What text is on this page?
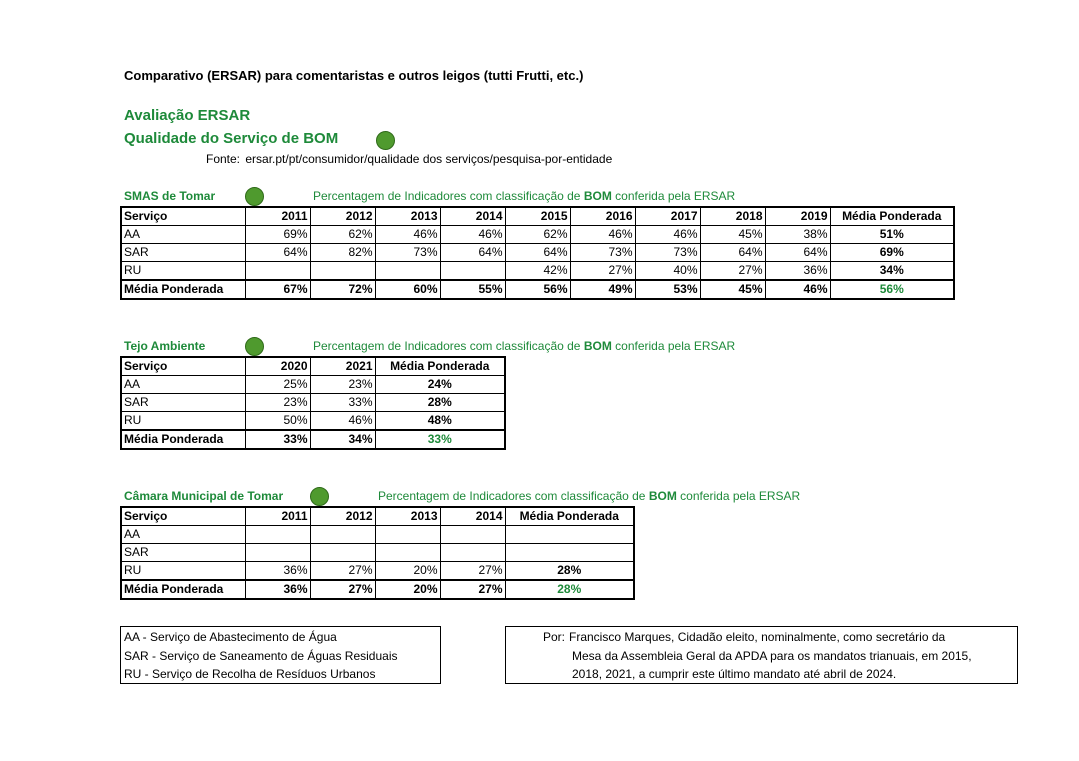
Comparativo (ERSAR) para comentaristas e outros leigos (tutti Frutti, etc.)
Avaliação ERSAR
Qualidade do Serviço de BOM
Fonte: ersar.pt/pt/consumidor/qualidade dos serviços/pesquisa-por-entidade
SMAS de Tomar	Percentagem de Indicadores com classificação de BOM conferida pela ERSAR
Serviço	2011	2012	2013	2014	2015	2016	2017	2018	2019	Média Ponderada
AA	69%	62%	46%	46%	62%	46%	46%	45%	38%	51%
SAR	64%	82%	73%	64%	64%	73%	73%	64%	64%	69%
RU					42%	27%	40%	27%	36%	34%
Média Ponderada	67%	72%	60%	55%	56%	49%	53%	45%	46%	56%
Tejo Ambiente	Percentagem de Indicadores com classificação de BOM conferida pela ERSAR
Serviço	2020	2021	Média Ponderada
AA	25%	23%	24%
SAR	23%	33%	28%
RU	50%	46%	48%
Média Ponderada	33%	34%	33%
Câmara Municipal de Tomar	Percentagem de Indicadores com classificação de BOM conferida pela ERSAR
Serviço	2011	2012	2013	2014	Média Ponderada
AA					
SAR					
RU	36%	27%	20%	27%	28%
Média Ponderada	36%	27%	20%	27%	28%
AA - Serviço de Abastecimento de Água
SAR - Serviço de Saneamento de Águas Residuais
RU - Serviço de Recolha de Resíduos Urbanos
Por: Francisco Marques, Cidadão eleito, nominalmente, como secretário da
Mesa da Assembleia Geral da APDA para os mandatos trianuais, em 2015,
2018, 2021, a cumprir este último mandato até abril de 2024.
